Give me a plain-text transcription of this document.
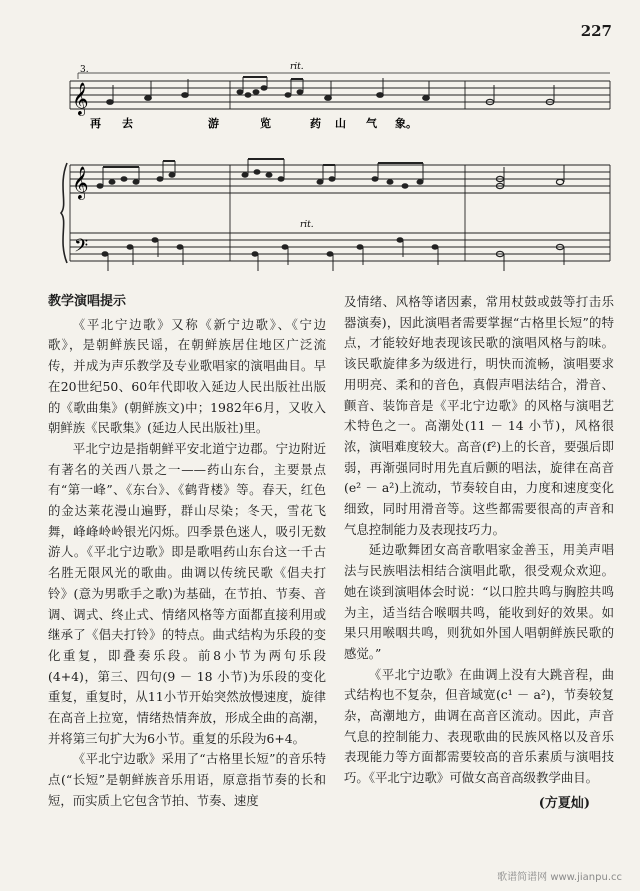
227
3.	rit.
𝄞
再 去	游	览	药 山 气 象。
𝄞
𝄢
rit.
教学演唱提示

《平北宁边歌》又称《新宁边歌》、《宁边歌》，是朝鲜族民谣，在朝鲜族居住地区广泛流传，并成为声乐教学及专业歌唱家的演唱曲目。早在20世纪50、60年代即收入延边人民出版社出版的《歌曲集》(朝鲜族文)中；1982年6月，又收入朝鲜族《民歌集》(延边人民出版社)里。

平北宁边是指朝鲜平安北道宁边郡。宁边附近有著名的关西八景之一——药山东台，主要景点有“第一峰”、《东台》、《鹤背楼》等。春天，红色的金达莱花漫山遍野，群山尽染；冬天，雪花飞舞，峰峰岭岭银光闪烁。四季景色迷人，吸引无数游人。《平北宁边歌》即是歌唱药山东台这一千古名胜无限风光的歌曲。曲调以传统民歌《倡夫打铃》(意为男歌手之歌)为基础，在节拍、节奏、音调、调式、终止式、情绪风格等方面都直接利用或继承了《倡夫打铃》的特点。曲式结构为乐段的变化重复，即叠奏乐段。前8小节为两句乐段(4+4)，第三、四句(9 － 18 小节)为乐段的变化重复，重复时，从11小节开始突然放慢速度，旋律在高音上拉宽，情绪热情奔放，形成全曲的高潮，并将第三句扩大为6小节。重复的乐段为6+4。

《平北宁边歌》采用了“古格里长短”的音乐特点(“长短”是朝鲜族音乐用语，原意指节奏的长和短，而实质上它包含节拍、节奏、速度

及情绪、风格等诸因素，常用杖鼓或鼓等打击乐器演奏)，因此演唱者需要掌握“古格里长短”的特点，才能较好地表现该民歌的演唱风格与韵味。该民歌旋律多为级进行，明快而流畅，演唱要求用明亮、柔和的音色，真假声唱法结合，滑音、颤音、装饰音是《平北宁边歌》的风格与演唱艺术特色之一。高潮处(11 － 14 小节)，风格很浓，演唱难度较大。高音(f²)上的长音，要强后即弱，再渐强同时用先直后颤的唱法，旋律在高音(e² － a²)上流动，节奏较自由，力度和速度变化细致，同时用滑音等。这些都需要很高的声音和气息控制能力及表现技巧力。

延边歌舞团女高音歌唱家金善玉，用美声唱法与民族唱法相结合演唱此歌，很受观众欢迎。她在谈到演唱体会时说：“以口腔共鸣与胸腔共鸣为主，适当结合喉咽共鸣，能收到好的效果。如果只用喉咽共鸣，则犹如外国人唱朝鲜族民歌的感觉。”

《平北宁边歌》在曲调上没有大跳音程，曲式结构也不复杂，但音域宽(c¹ － a²)，节奏较复杂，高潮地方，曲调在高音区流动。因此，声音气息的控制能力、表现歌曲的民族风格以及音乐表现能力等方面都需要较高的音乐素质与演唱技巧。《平北宁边歌》可做女高音高级教学曲目。

(方夏灿)
歌谱简谱网 www.jianpu.cc
